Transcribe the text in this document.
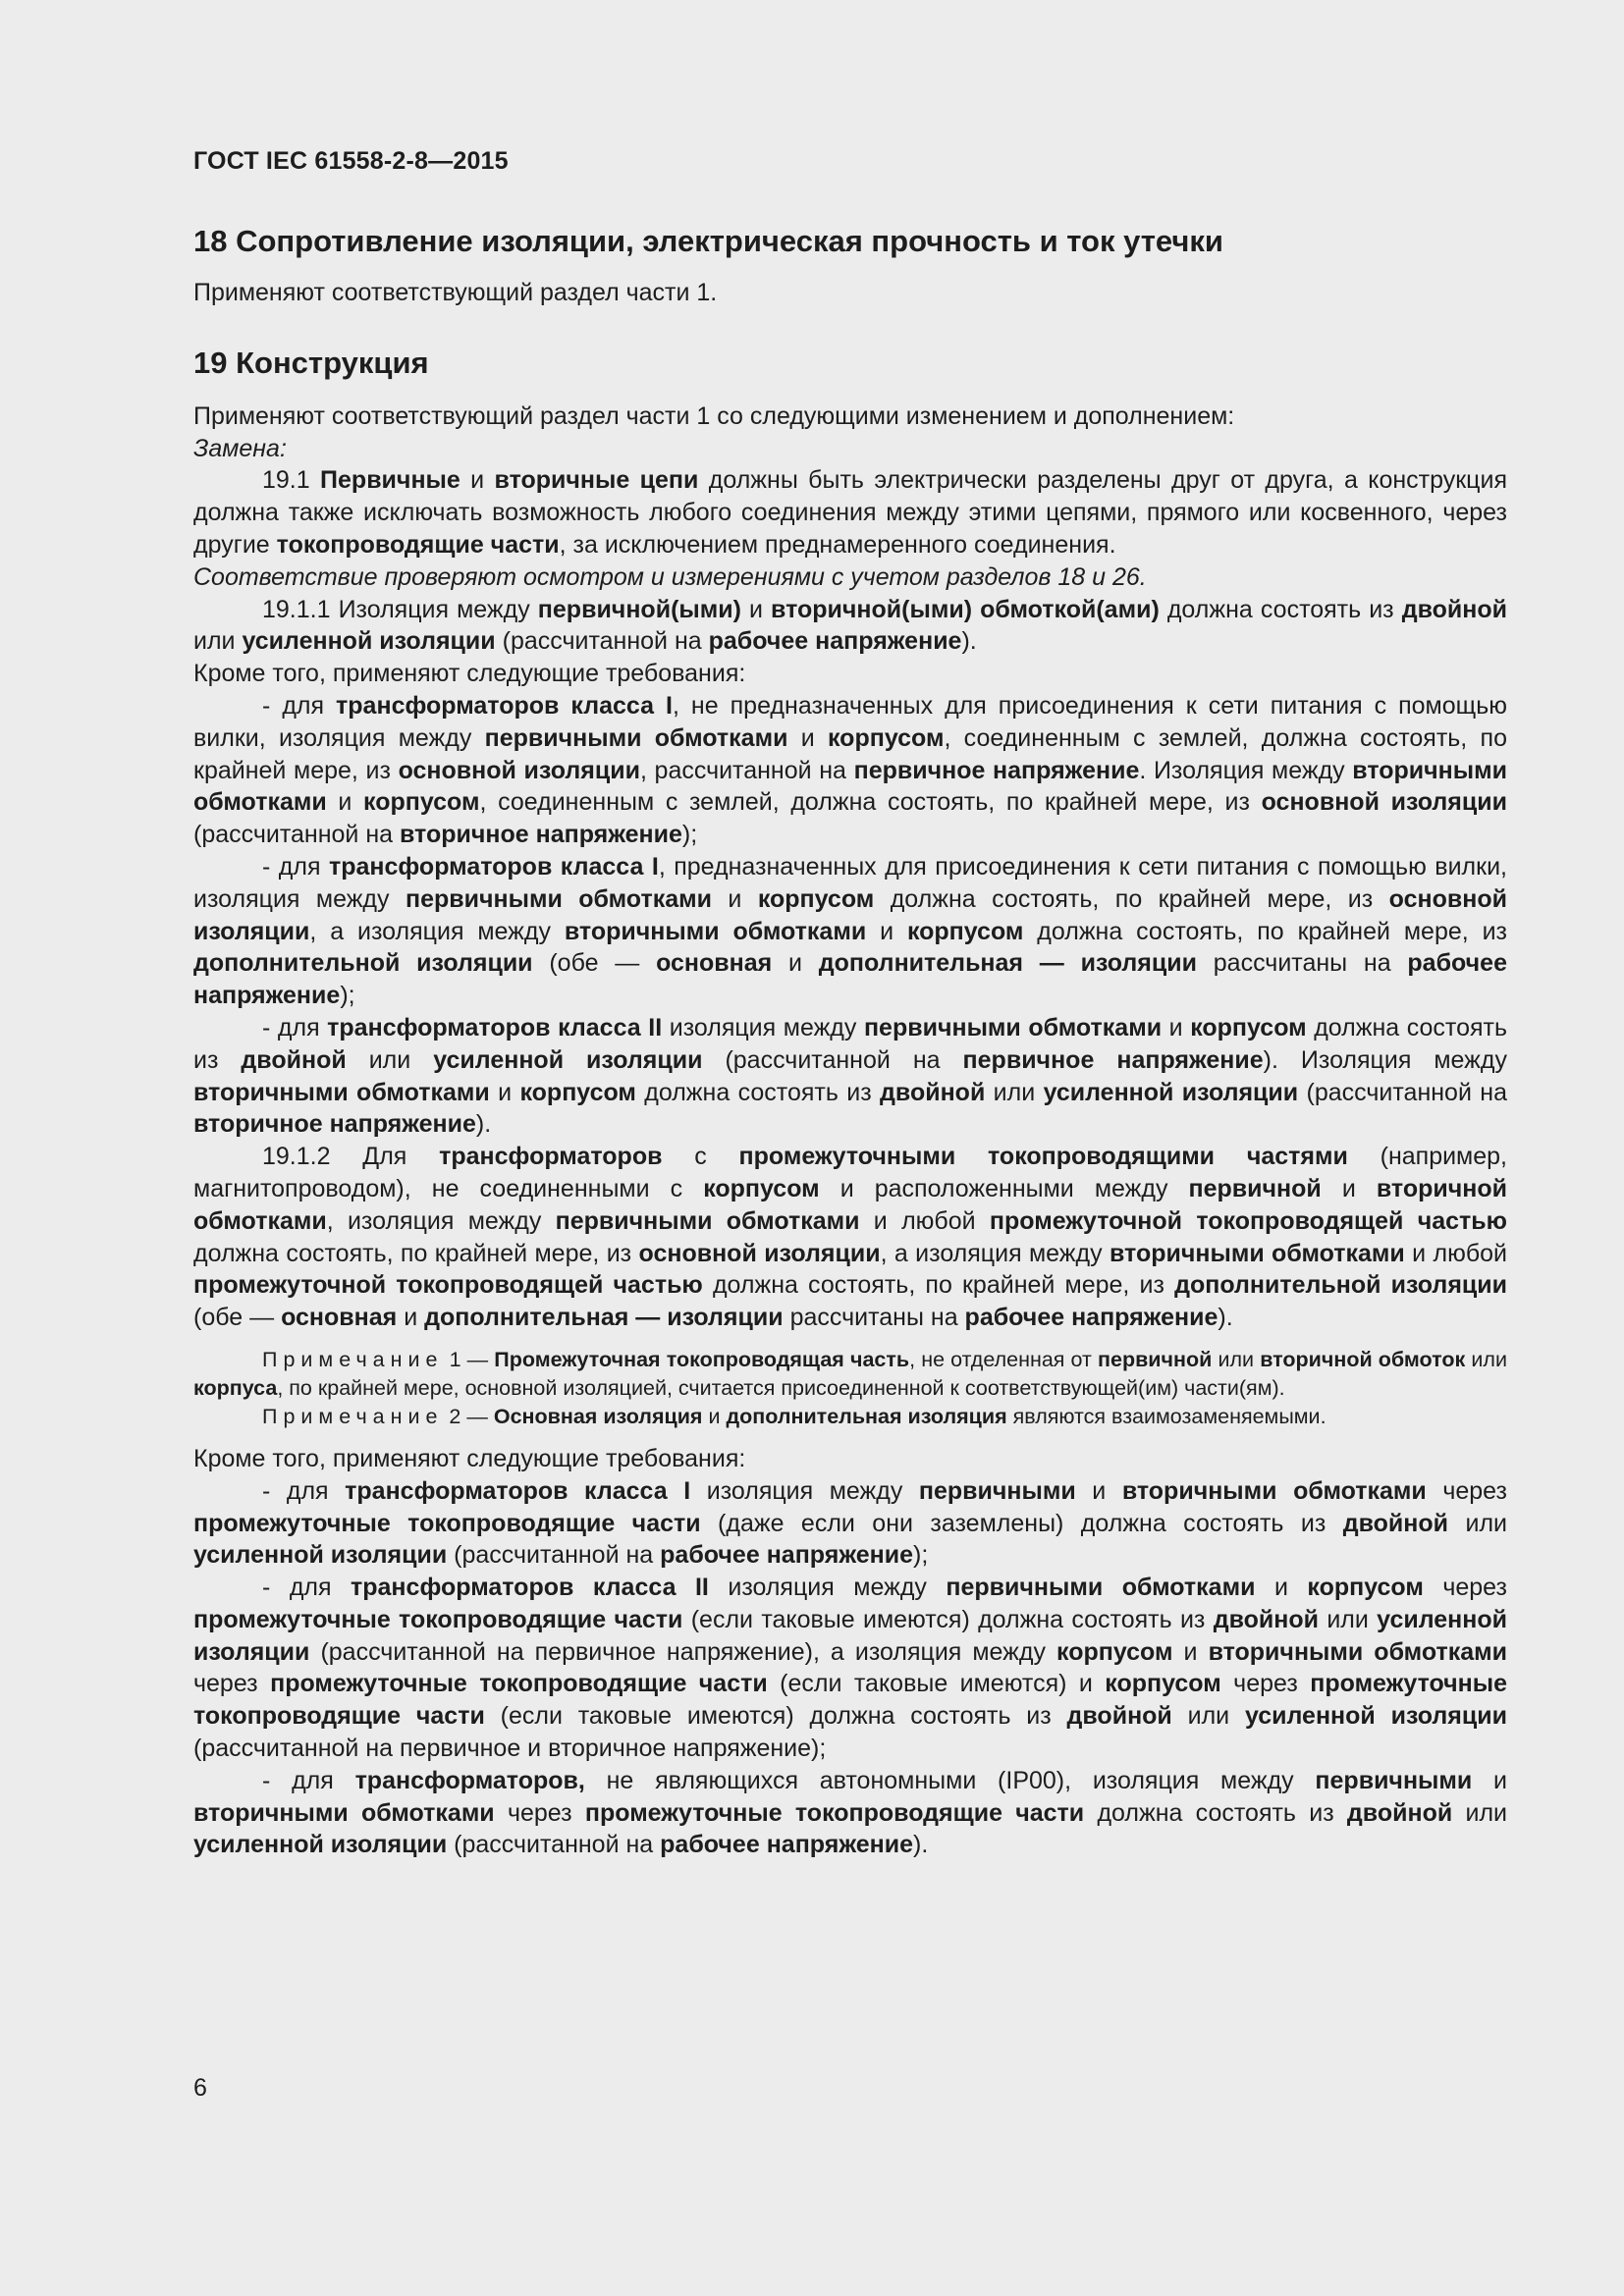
ГОСТ IEC 61558-2-8—2015

18 Сопротивление изоляции, электрическая прочность и ток утечки

Применяют соответствующий раздел части 1.

19 Конструкция

Применяют соответствующий раздел части 1 со следующими изменением и дополнением:

Замена:

19.1 Первичные и вторичные цепи должны быть электрически разделены друг от друга, а конструкция должна также исключать возможность любого соединения между этими цепями, прямого или косвенного, через другие токопроводящие части, за исключением преднамеренного соединения.

Соответствие проверяют осмотром и измерениями с учетом разделов 18 и 26.

19.1.1 Изоляция между первичной(ыми) и вторичной(ыми) обмоткой(ами) должна состоять из двойной или усиленной изоляции (рассчитанной на рабочее напряжение).

Кроме того, применяют следующие требования:

- для трансформаторов класса I, не предназначенных для присоединения к сети питания с помощью вилки, изоляция между первичными обмотками и корпусом, соединенным с землей, должна состоять, по крайней мере, из основной изоляции, рассчитанной на первичное напряжение. Изоляция между вторичными обмотками и корпусом, соединенным с землей, должна состоять, по крайней мере, из основной изоляции (рассчитанной на вторичное напряжение);

- для трансформаторов класса I, предназначенных для присоединения к сети питания с помощью вилки, изоляция между первичными обмотками и корпусом должна состоять, по крайней мере, из основной изоляции, а изоляция между вторичными обмотками и корпусом должна состоять, по крайней мере, из дополнительной изоляции (обе — основная и дополнительная — изоляции рассчитаны на рабочее напряжение);

- для трансформаторов класса II изоляция между первичными обмотками и корпусом должна состоять из двойной или усиленной изоляции (рассчитанной на первичное напряжение). Изоляция между вторичными обмотками и корпусом должна состоять из двойной или усиленной изоляции (рассчитанной на вторичное напряжение).

19.1.2 Для трансформаторов с промежуточными токопроводящими частями (например, магнитопроводом), не соединенными с корпусом и расположенными между первичной и вторичной обмотками, изоляция между первичными обмотками и любой промежуточной токопроводящей частью должна состоять, по крайней мере, из основной изоляции, а изоляция между вторичными обмотками и любой промежуточной токопроводящей частью должна состоять, по крайней мере, из дополнительной изоляции (обе — основная и дополнительная — изоляции рассчитаны на рабочее напряжение).

Примечание 1 — Промежуточная токопроводящая часть, не отделенная от первичной или вторичной обмоток или корпуса, по крайней мере, основной изоляцией, считается присоединенной к соответствующей(им) части(ям).

Примечание 2 — Основная изоляция и дополнительная изоляция являются взаимозаменяемыми.

Кроме того, применяют следующие требования:

- для трансформаторов класса I изоляция между первичными и вторичными обмотками через промежуточные токопроводящие части (даже если они заземлены) должна состоять из двойной или усиленной изоляции (рассчитанной на рабочее напряжение);

- для трансформаторов класса II изоляция между первичными обмотками и корпусом через промежуточные токопроводящие части (если таковые имеются) должна состоять из двойной или усиленной изоляции (рассчитанной на первичное напряжение), а изоляция между корпусом и вторичными обмотками через промежуточные токопроводящие части (если таковые имеются) и корпусом через промежуточные токопроводящие части (если таковые имеются) должна состоять из двойной или усиленной изоляции (рассчитанной на первичное и вторичное напряжение);

- для трансформаторов, не являющихся автономными (IP00), изоляция между первичными и вторичными обмотками через промежуточные токопроводящие части должна состоять из двойной или усиленной изоляции (рассчитанной на рабочее напряжение).

6
